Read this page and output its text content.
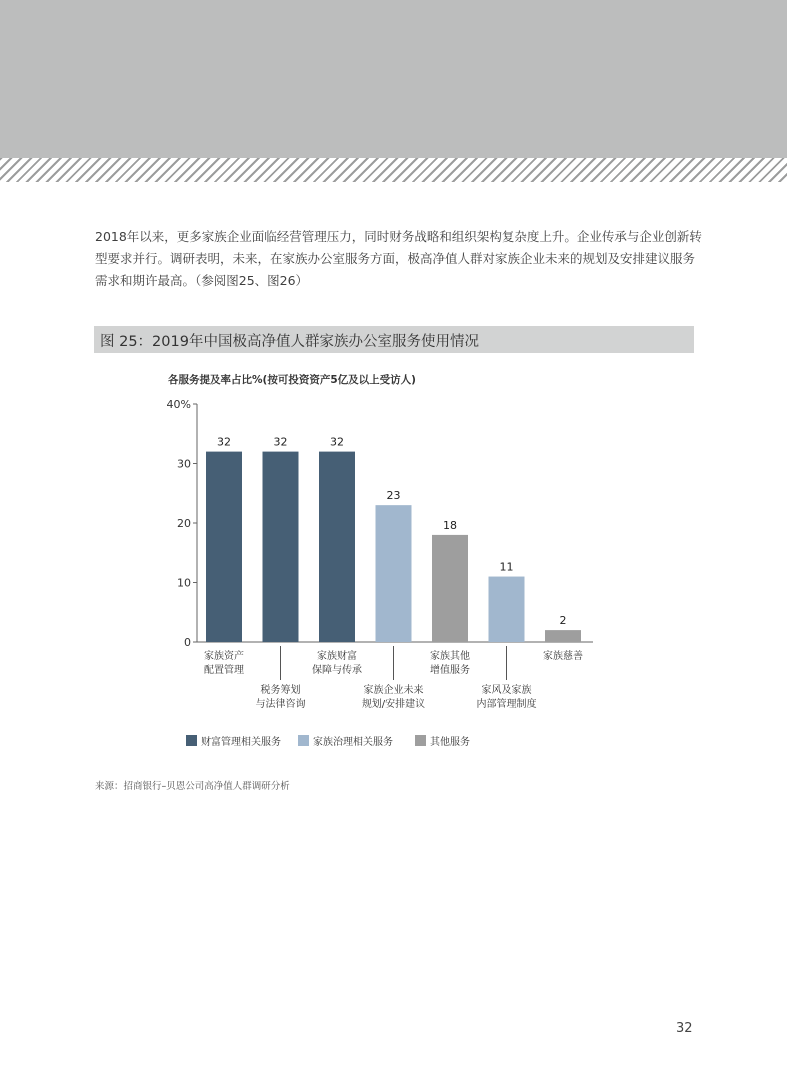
2018年以来，更多家族企业面临经营管理压力，同时财务战略和组织架构复杂度上升。企业传承与企业创新转型要求并行。调研表明，未来，在家族办公室服务方面，极高净值人群对家族企业未来的规划及安排建议服务需求和期许最高。（参阅图25、图26）

图 25：2019年中国极高净值人群家族办公室服务使用情况
各服务提及率占比%(按可投资资产5亿及以上受访人)
40%
30
20
10
0
32	32	32
23
18
11
2
家族资产
配置管理
税务筹划
与法律咨询
家族财富
保障与传承
家族企业未来
规划/安排建议
家族其他
增值服务
家风及家族
内部管理制度
家族慈善
财富管理相关服务	家族治理相关服务	其他服务
来源：招商银行–贝恩公司高净值人群调研分析
32
